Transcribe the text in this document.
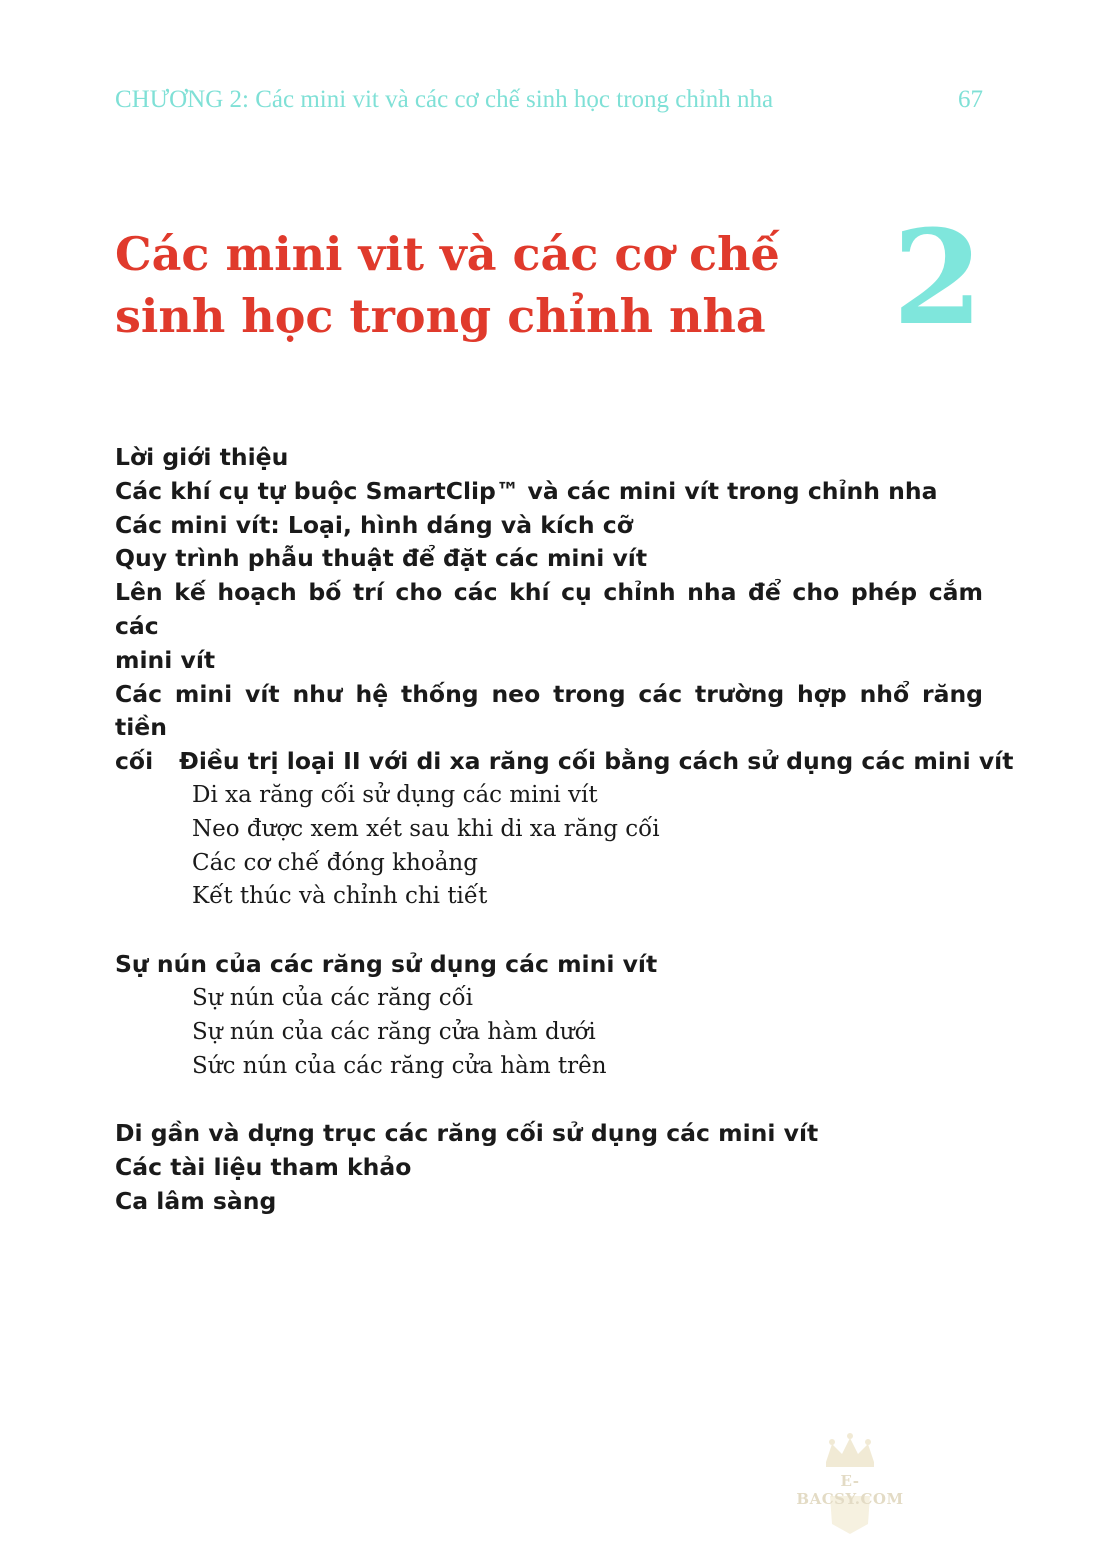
CHƯƠNG 2: Các mini vit và các cơ chế sinh học trong chỉnh nha	67
Các mini vit và các cơ chế
sinh học trong chỉnh nha 2
Lời giới thiệu
Các khí cụ tự buộc SmartClip™ và các mini vít trong chỉnh nha
Các mini vít: Loại, hình dáng và kích cỡ
Quy trình phẫu thuật để đặt các mini vít
Lên kế hoạch bố trí cho các khí cụ chỉnh nha để cho phép cắm các
mini vít
Các mini vít như hệ thống neo trong các trường hợp nhổ răng tiền
cối Điều trị loại II với di xa răng cối bằng cách sử dụng các mini vít
Di xa răng cối sử dụng các mini vít
Neo được xem xét sau khi di xa răng cối
Các cơ chế đóng khoảng
Kết thúc và chỉnh chi tiết
Sự nún của các răng sử dụng các mini vít
Sự nún của các răng cối
Sự nún của các răng cửa hàm dưới
Sức nún của các răng cửa hàm trên
Di gần và dựng trục các răng cối sử dụng các mini vít
Các tài liệu tham khảo
Ca lâm sàng
E-BACSY.COM
